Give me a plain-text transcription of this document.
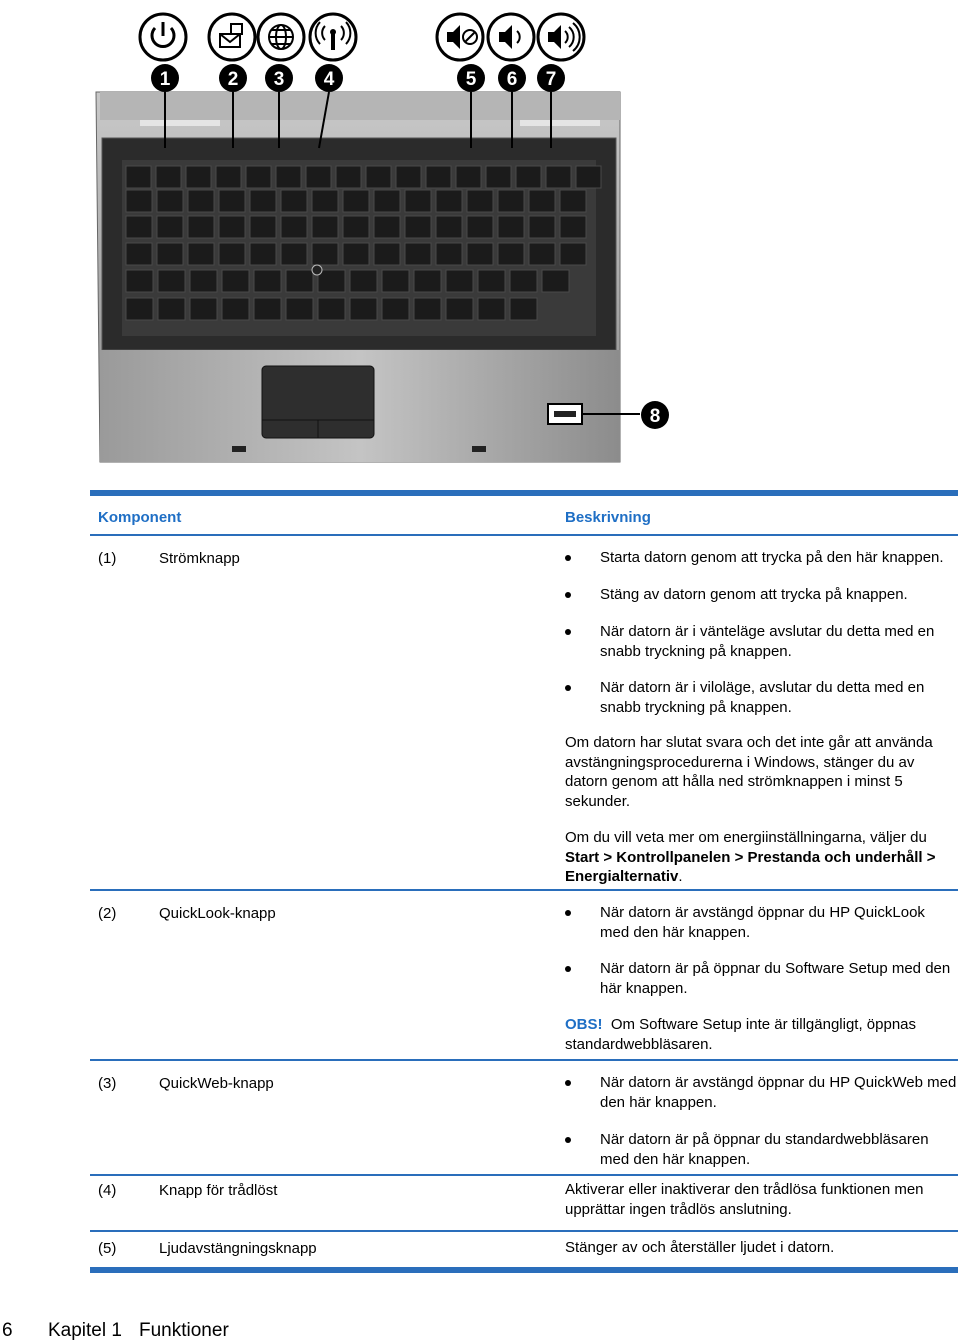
1	2 3 4	5 6 7
8
Komponent	Beskrivning
(1)	Strömknapp	Starta datorn genom att trycka på den här knappen.
Stäng av datorn genom att trycka på knappen.
När datorn är i vänteläge avslutar du detta med en snabb tryckning på knappen.
När datorn är i viloläge, avslutar du detta med en snabb tryckning på knappen.
Om datorn har slutat svara och det inte går att använda avstängningsprocedurerna i Windows, stänger du av datorn genom att hålla ned strömknappen i minst 5 sekunder.
Om du vill veta mer om energiinställningarna, väljer du
Start > Kontrollpanelen > Prestanda och underhåll > Energialternativ.
(2)	QuickLook-knapp	När datorn är avstängd öppnar du HP QuickLook med den här knappen.
När datorn är på öppnar du Software Setup med den här knappen.
OBS! Om Software Setup inte är tillgängligt, öppnas standardwebbläsaren.
(3)	QuickWeb-knapp	När datorn är avstängd öppnar du HP QuickWeb med den här knappen.
När datorn är på öppnar du standardwebbläsaren med den här knappen.
(4)	Knapp för trådlöst	Aktiverar eller inaktiverar den trådlösa funktionen men upprättar ingen trådlös anslutning.
(5)	Ljudavstängningsknapp	Stänger av och återställer ljudet i datorn.
6 Kapitel 1 Funktioner
